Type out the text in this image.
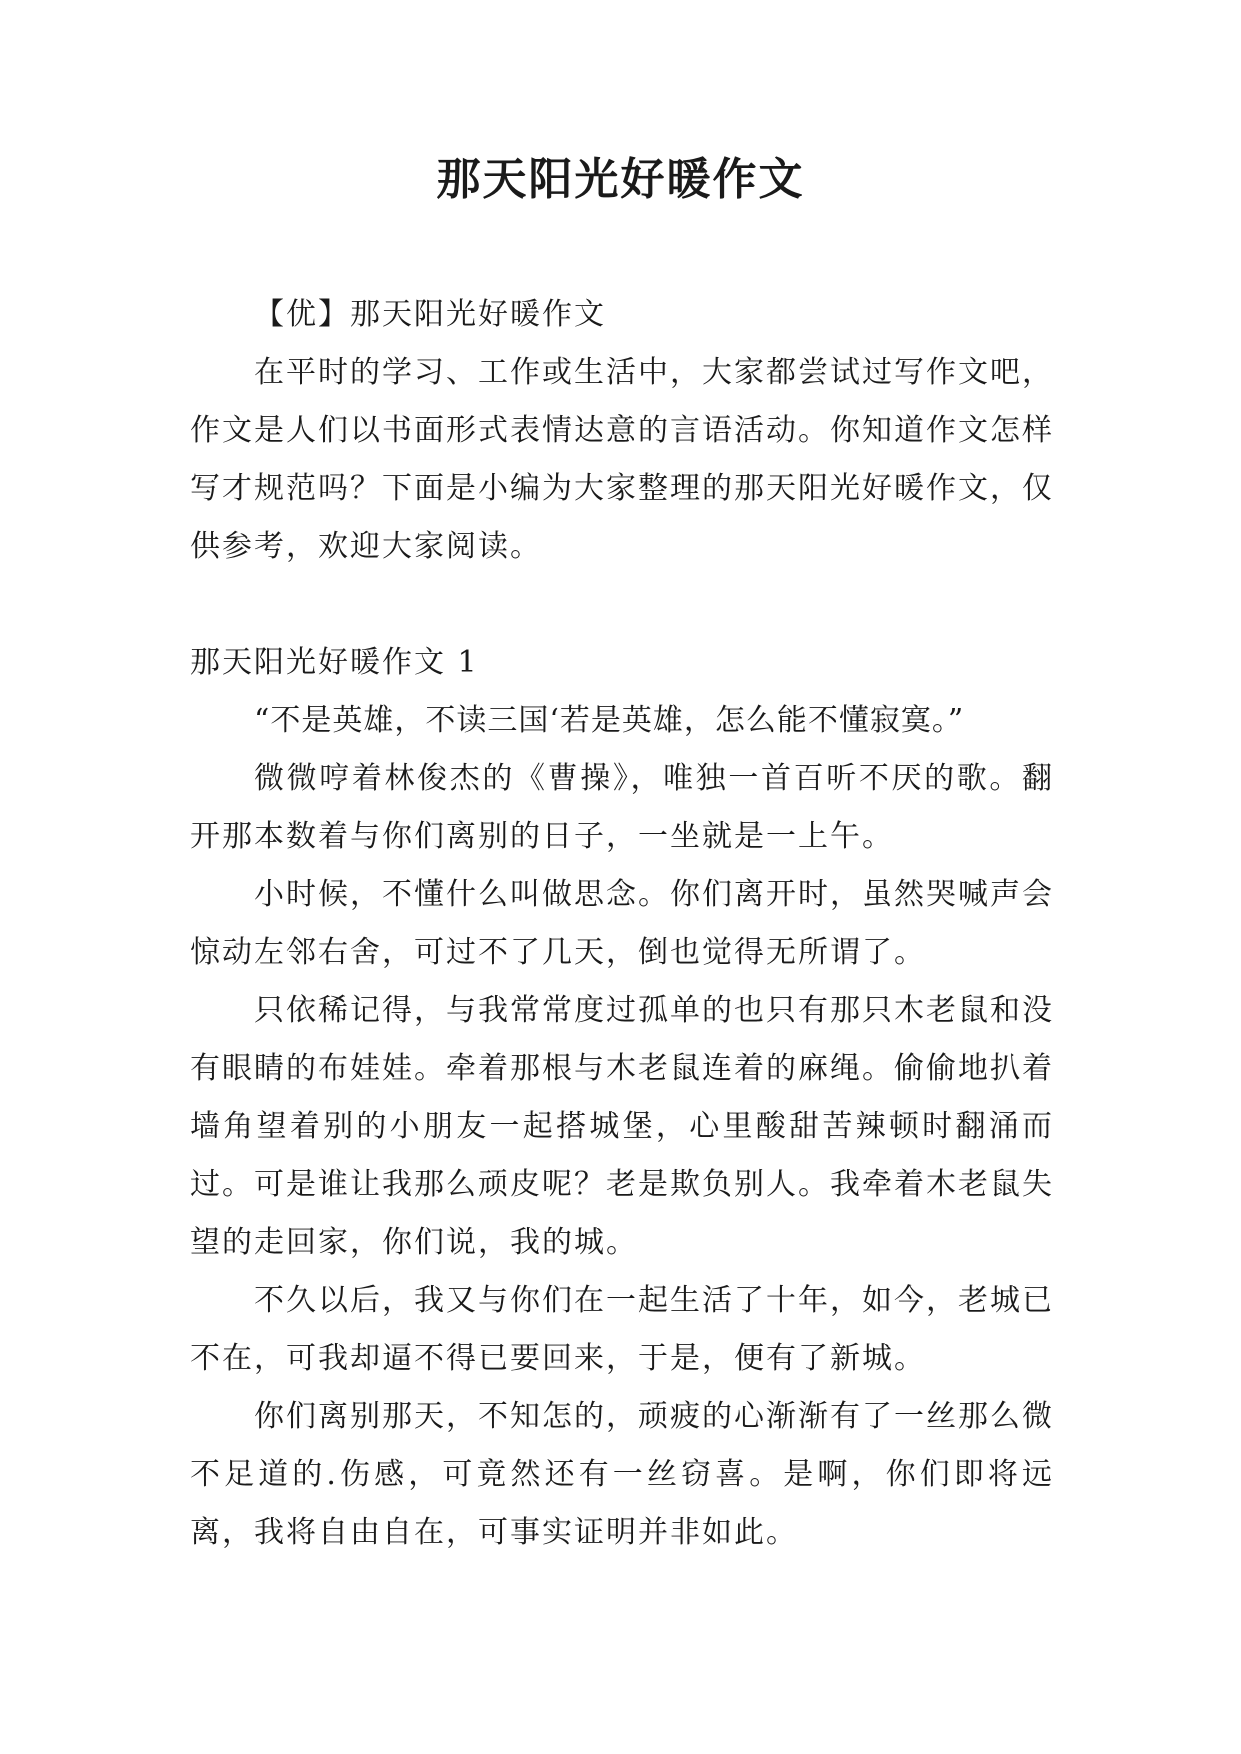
那天阳光好暖作文

【优】那天阳光好暖作文

在平时的学习、工作或生活中，大家都尝试过写作文吧，作文是人们以书面形式表情达意的言语活动。你知道作文怎样写才规范吗？下面是小编为大家整理的那天阳光好暖作文，仅供参考，欢迎大家阅读。

那天阳光好暖作文 1

“不是英雄，不读三国‘若是英雄，怎么能不懂寂寞。”

微微哼着林俊杰的《曹操》，唯独一首百听不厌的歌。翻开那本数着与你们离别的日子，一坐就是一上午。

小时候，不懂什么叫做思念。你们离开时，虽然哭喊声会惊动左邻右舍，可过不了几天，倒也觉得无所谓了。

只依稀记得，与我常常度过孤单的也只有那只木老鼠和没有眼睛的布娃娃。牵着那根与木老鼠连着的麻绳。偷偷地扒着墙角望着别的小朋友一起搭城堡，心里酸甜苦辣顿时翻涌而过。可是谁让我那么顽皮呢？老是欺负别人。我牵着木老鼠失望的走回家，你们说，我的城。

不久以后，我又与你们在一起生活了十年，如今，老城已不在，可我却逼不得已要回来，于是，便有了新城。

你们离别那天，不知怎的，顽疲的心渐渐有了一丝那么微不足道的.伤感，可竟然还有一丝窃喜。是啊，你们即将远离，我将自由自在，可事实证明并非如此。
